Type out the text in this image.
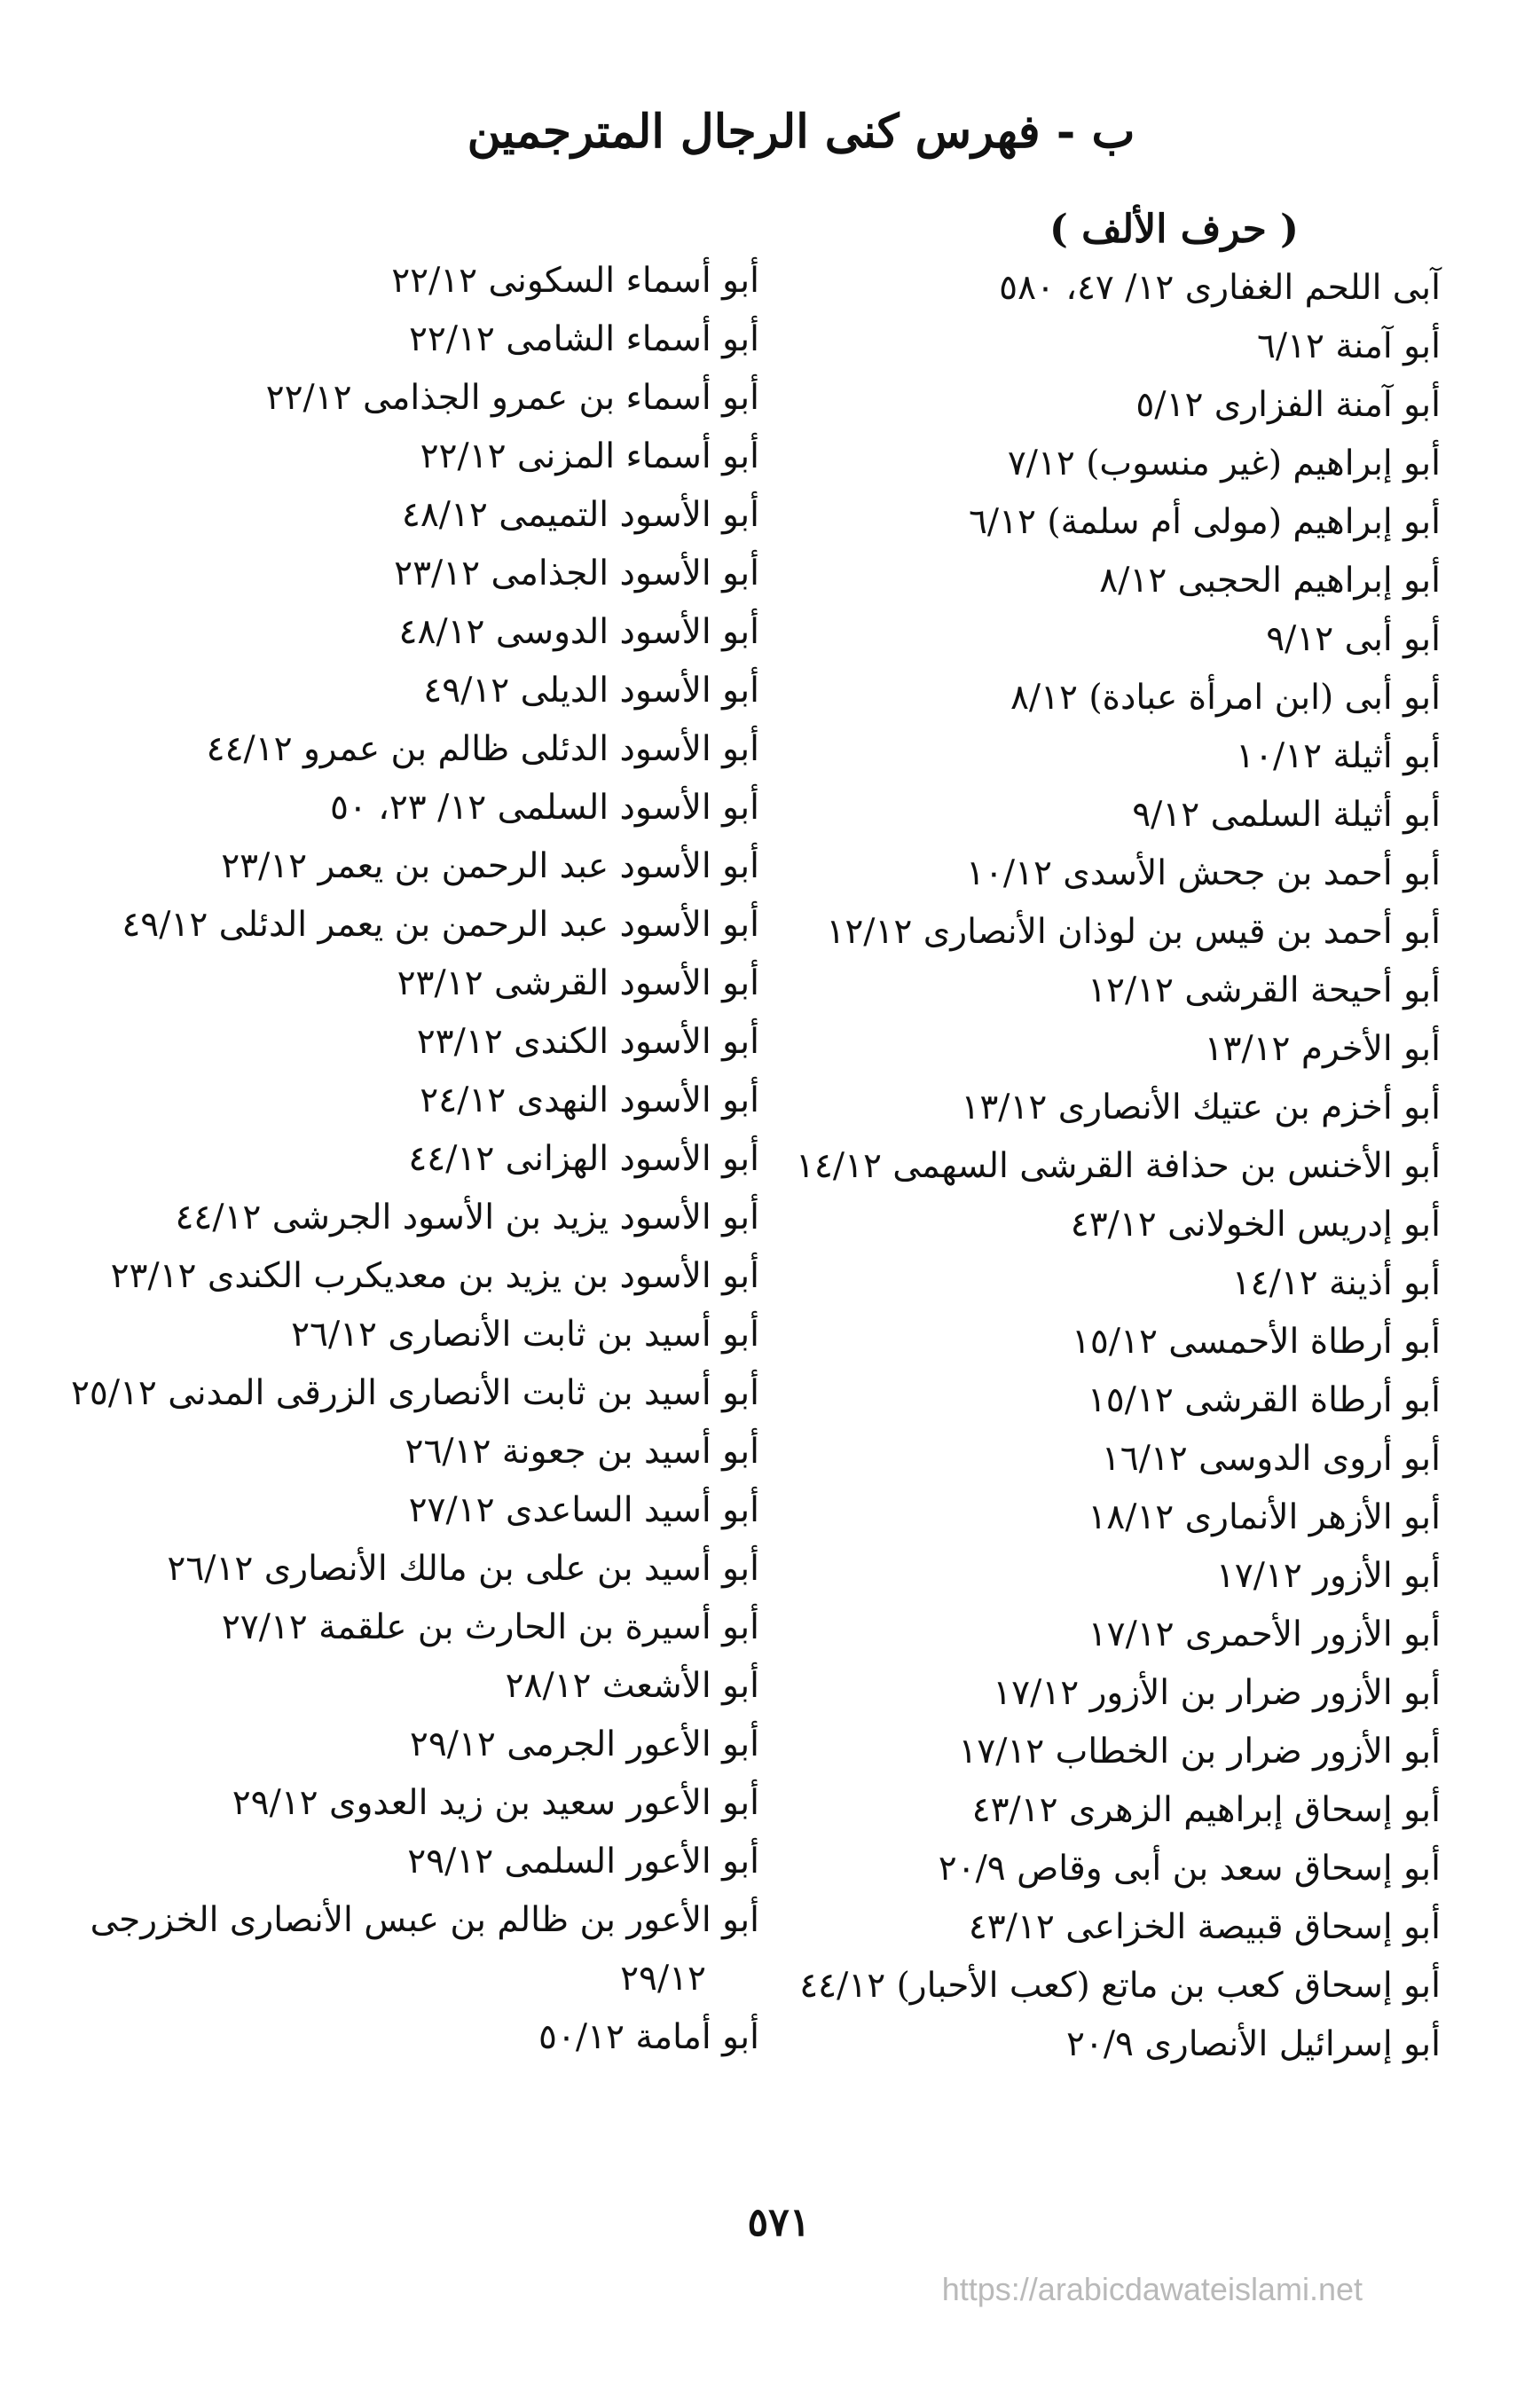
ب - فهرس كنى الرجال المترجمين
( حرف الألف )
آبى اللحم الغفارى ١٢/ ٤٧، ٥٨٠
أبو آمنة ٦/١٢
أبو آمنة الفزارى ٥/١٢
أبو إبراهيم (غير منسوب) ٧/١٢
أبو إبراهيم (مولى أم سلمة) ٦/١٢
أبو إبراهيم الحجبى ٨/١٢
أبو أبى ٩/١٢
أبو أبى (ابن امرأة عبادة) ٨/١٢
أبو أثيلة ١٠/١٢
أبو أثيلة السلمى ٩/١٢
أبو أحمد بن جحش الأسدى ١٠/١٢
أبو أحمد بن قيس بن لوذان الأنصارى ١٢/١٢
أبو أحيحة القرشى ١٢/١٢
أبو الأخرم ١٣/١٢
أبو أخزم بن عتيك الأنصارى ١٣/١٢
أبو الأخنس بن حذافة القرشى السهمى ١٤/١٢
أبو إدريس الخولانى ٤٣/١٢
أبو أذينة ١٤/١٢
أبو أرطاة الأحمسى ١٥/١٢
أبو أرطاة القرشى ١٥/١٢
أبو أروى الدوسى ١٦/١٢
أبو الأزهر الأنمارى ١٨/١٢
أبو الأزور ١٧/١٢
أبو الأزور الأحمرى ١٧/١٢
أبو الأزور ضرار بن الأزور ١٧/١٢
أبو الأزور ضرار بن الخطاب ١٧/١٢
أبو إسحاق إبراهيم الزهرى ٤٣/١٢
أبو إسحاق سعد بن أبى وقاص ٢٠/٩
أبو إسحاق قبيصة الخزاعى ٤٣/١٢
أبو إسحاق كعب بن ماتع (كعب الأحبار) ٤٤/١٢
أبو إسرائيل الأنصارى ٢٠/٩
أبو أسماء السكونى ٢٢/١٢
أبو أسماء الشامى ٢٢/١٢
أبو أسماء بن عمرو الجذامى ٢٢/١٢
أبو أسماء المزنى ٢٢/١٢
أبو الأسود التميمى ٤٨/١٢
أبو الأسود الجذامى ٢٣/١٢
أبو الأسود الدوسى ٤٨/١٢
أبو الأسود الديلى ٤٩/١٢
أبو الأسود الدئلى ظالم بن عمرو ٤٤/١٢
أبو الأسود السلمى ١٢/ ٢٣، ٥٠
أبو الأسود عبد الرحمن بن يعمر ٢٣/١٢
أبو الأسود عبد الرحمن بن يعمر الدئلى ٤٩/١٢
أبو الأسود القرشى ٢٣/١٢
أبو الأسود الكندى ٢٣/١٢
أبو الأسود النهدى ٢٤/١٢
أبو الأسود الهزانى ٤٤/١٢
أبو الأسود يزيد بن الأسود الجرشى ٤٤/١٢
أبو الأسود بن يزيد بن معديكرب الكندى ٢٣/١٢
أبو أسيد بن ثابت الأنصارى ٢٦/١٢
أبو أسيد بن ثابت الأنصارى الزرقى المدنى ٢٥/١٢
أبو أسيد بن جعونة ٢٦/١٢
أبو أسيد الساعدى ٢٧/١٢
أبو أسيد بن على بن مالك الأنصارى ٢٦/١٢
أبو أسيرة بن الحارث بن علقمة ٢٧/١٢
أبو الأشعث ٢٨/١٢
أبو الأعور الجرمى ٢٩/١٢
أبو الأعور سعيد بن زيد العدوى ٢٩/١٢
أبو الأعور السلمى ٢٩/١٢
أبو الأعور بن ظالم بن عبس الأنصارى الخزرجى
٢٩/١٢
أبو أمامة ٥٠/١٢
٥٧١
https://arabicdawateislami.net
